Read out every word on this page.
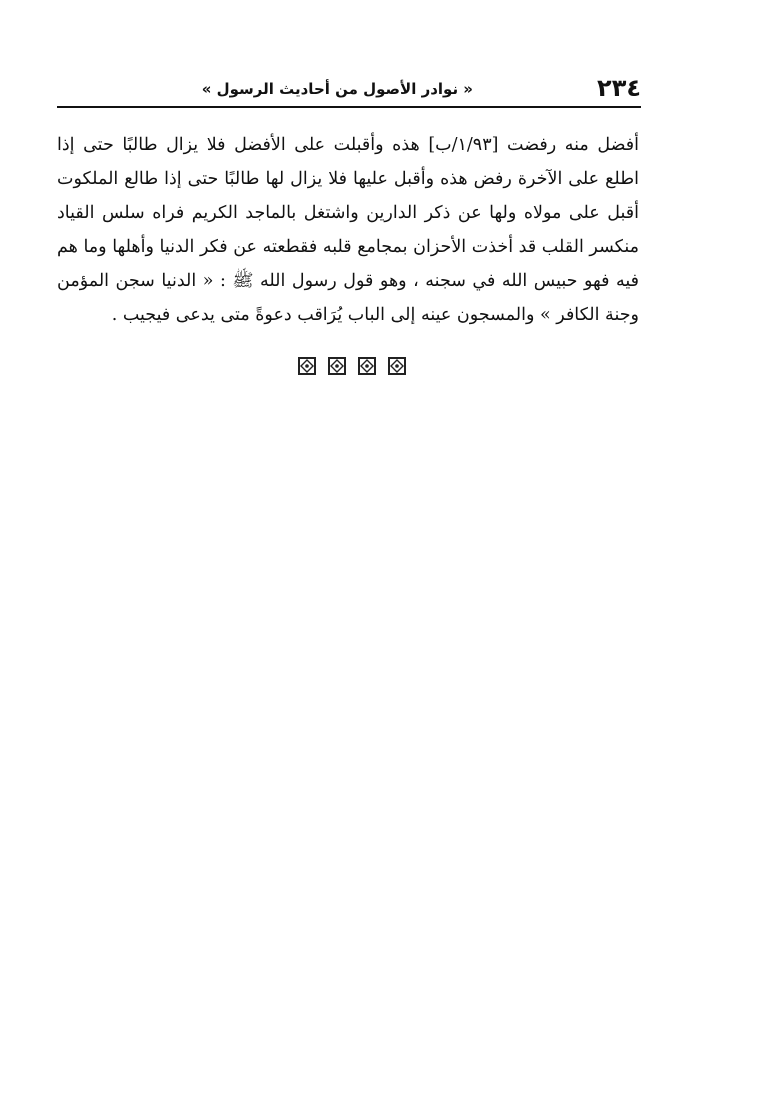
٢٣٤
« نوادر الأصول من أحاديث الرسول »
أفضل منه رفضت [١/٩٣/ب] هذه وأقبلت على الأفضل فلا يزال طالبًا حتى إذا
اطلع على الآخرة رفض هذه وأقبل عليها فلا يزال لها طالبًا حتى إذا طالع الملكوت
أقبل على مولاه ولها عن ذكر الدارين واشتغل بالماجد الكريم فراه سلس القياد
منكسر القلب قد أخذت الأحزان بمجامع قلبه فقطعته عن فكر الدنيا وأهلها وما هم
فيه فهو حبيس الله في سجنه ، وهو قول رسول الله ﷺ : « الدنيا سجن المؤمن
وجنة الكافر » والمسجون عينه إلى الباب يُرَاقب دعوةً متى يدعى فيجيب .
